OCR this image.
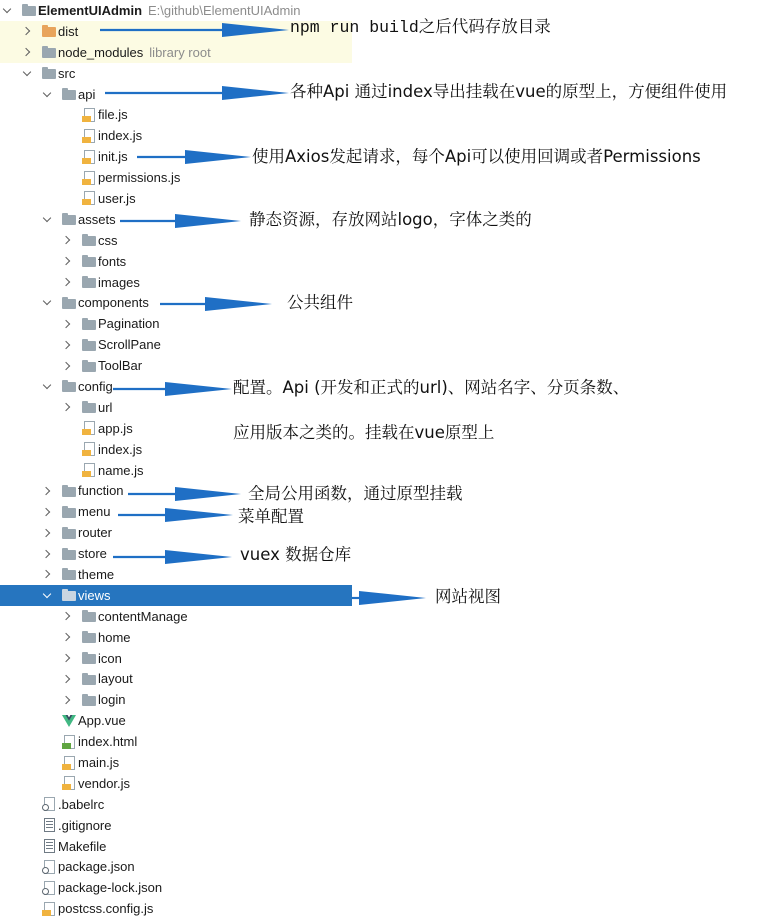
ElementUIAdmin E:\github\ElementUIAdmin
dist
node_modules library root
src
api
file.js
index.js
init.js
permissions.js
user.js
assets
css
fonts
images
components
Pagination
ScrollPane
ToolBar
config
url
app.js
index.js
name.js
function
menu
router
store
theme
views
contentManage
home
icon
layout
login
App.vue
index.html
main.js
vendor.js
.babelrc
.gitignore
Makefile
package.json
package-lock.json
postcss.config.js
npm run build之后代码存放目录
各种Api 通过index导出挂载在vue的原型上，方便组件使用
使用Axios发起请求，每个Api可以使用回调或者Permissions
静态资源，存放网站logo，字体之类的
公共组件
配置。Api (开发和正式的url)、网站名字、分页条数、
应用版本之类的。挂载在vue原型上
全局公用函数，通过原型挂载
菜单配置
vuex 数据仓库
网站视图
